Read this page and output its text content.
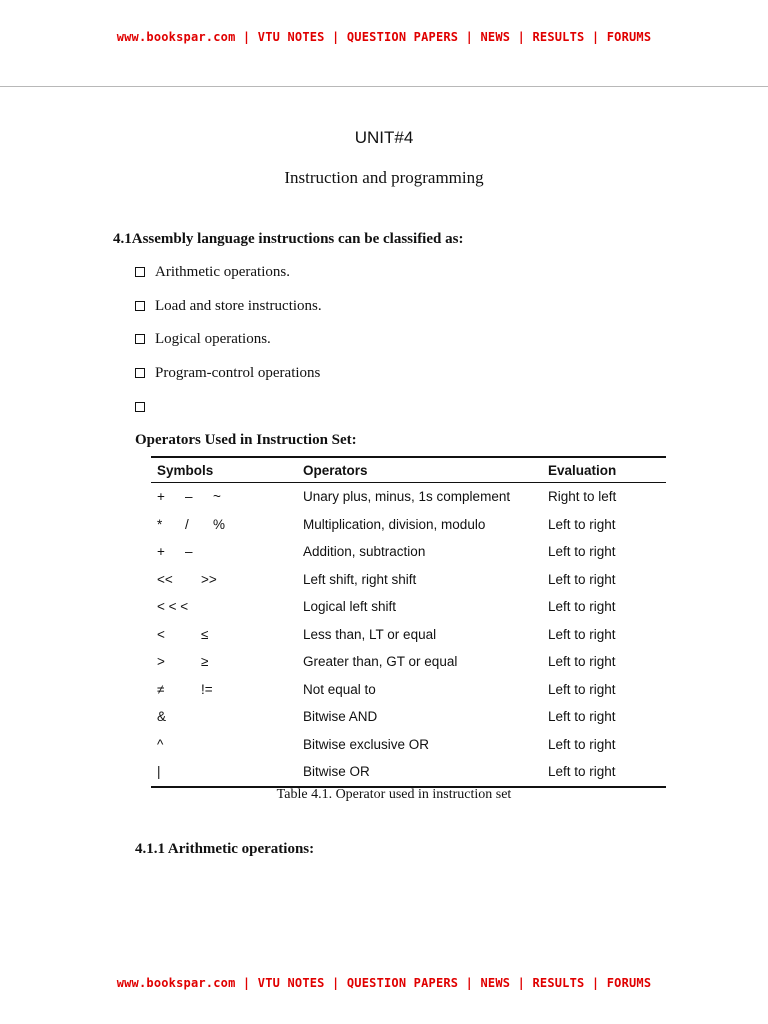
www.bookspar.com | VTU NOTES | QUESTION PAPERS | NEWS | RESULTS | FORUMS
UNIT#4
Instruction and programming
4.1Assembly language instructions can be classified as:
Arithmetic operations.
Load and store instructions.
Logical operations.
Program-control operations
Operators Used in Instruction Set:
Symbols	Operators	Evaluation
+ – ~	Unary plus, minus, 1s complement	Right to left
* / %	Multiplication, division, modulo	Left to right
+ –	Addition, subtraction	Left to right
<< >>	Left shift, right shift	Left to right
< < <	Logical left shift	Left to right
< ≤	Less than, LT or equal	Left to right
> ≥	Greater than, GT or equal	Left to right
≠ !=	Not equal to	Left to right
&	Bitwise AND	Left to right
^	Bitwise exclusive OR	Left to right
|	Bitwise OR	Left to right
Table 4.1. Operator used in instruction set
4.1.1 Arithmetic operations:
www.bookspar.com | VTU NOTES | QUESTION PAPERS | NEWS | RESULTS | FORUMS
